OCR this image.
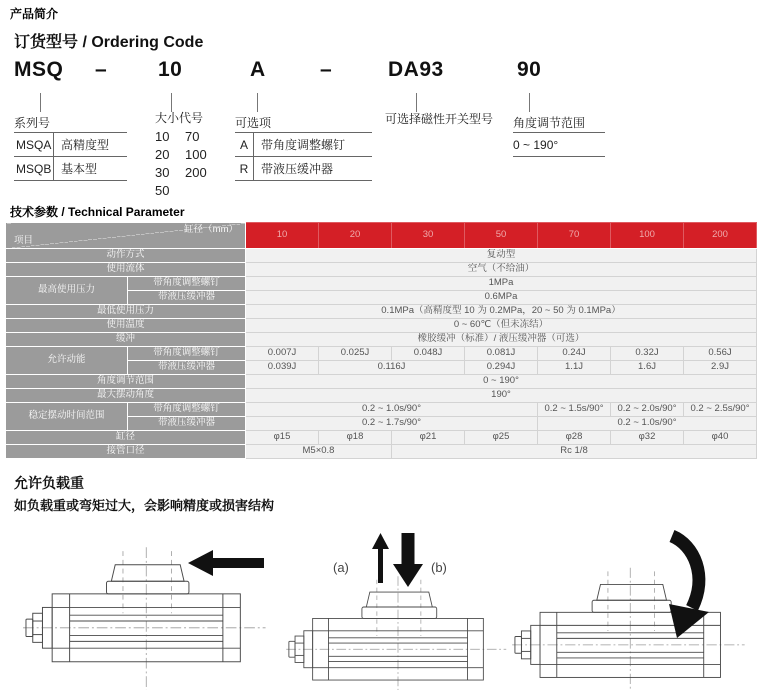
产品简介
订货型号 / Ordering Code
MSQ – 10	A	–	DA93	90
系列号
MSQA 高精度型
MSQB 基本型
大小代号
10	70
20	100
30	200
50
可选项
A	带角度调整螺钉
R	带液压缓冲器
可选择磁性开关型号 角度调节范围
0 ~ 190°
技术参数 / Technical Parameter
缸径（mm）
项目		10	20	30	50	70	100	200
动作方式		复动型						
使用流体		空气（不给油）						
最高使用压力	带角度调整螺钉	1MPa						
	带液压缓冲器	0.6MPa						
最低使用压力		0.1MPa（高精度型 10 为 0.2MPa，20 ~ 50 为 0.1MPa）						
使用温度		0 ~ 60℃（但未冻结）						
缓冲		橡胶缓冲（标准）/ 液压缓冲器（可选）						
允许动能	带角度调整螺钉	0.007J	0.025J	0.048J	0.081J	0.24J	0.32J	0.56J
	带液压缓冲器	0.039J	0.116J		0.294J	1.1J	1.6J	2.9J
角度调节范围		0 ~ 190°						
最大摆动角度		190°						
稳定摆动时间范围	带角度调整螺钉	0.2 ~ 1.0s/90°				0.2 ~ 1.5s/90°	0.2 ~ 2.0s/90°	0.2 ~ 2.5s/90°
	带液压缓冲器	0.2 ~ 1.7s/90°				0.2 ~ 1.0s/90°		
缸径		φ15	φ18	φ21	φ25	φ28	φ32	φ40
接管口径		M5×0.8		Rc 1/8				
允许负载重
如负载重或弯矩过大，会影响精度或损害结构
(a)	(b)
